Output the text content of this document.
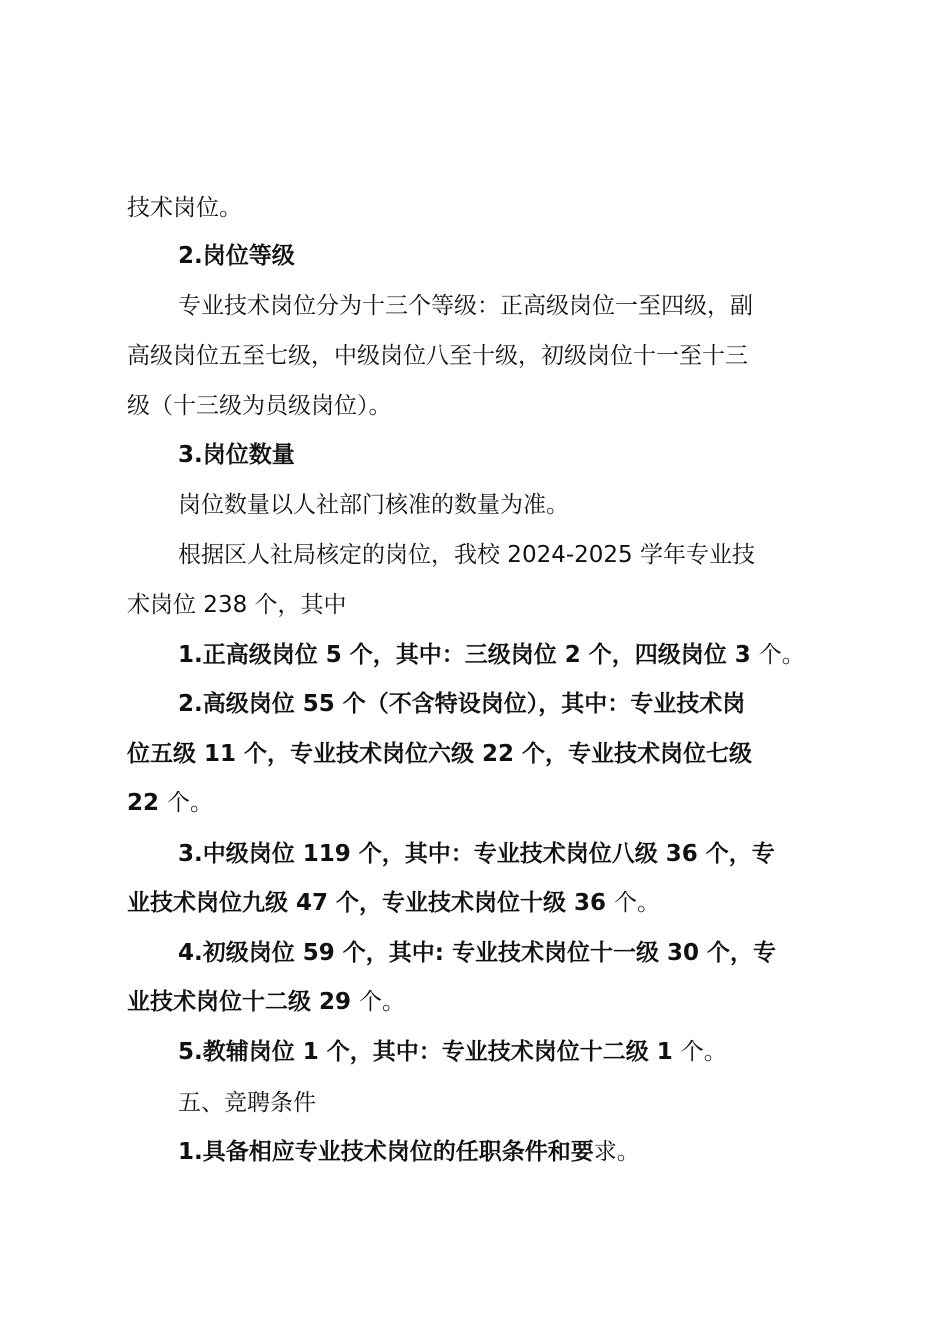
技术岗位。
2.岗位等级
专业技术岗位分为十三个等级：正高级岗位一至四级，副
高级岗位五至七级，中级岗位八至十级，初级岗位十一至十三
级（十三级为员级岗位）。
3.岗位数量
岗位数量以人社部门核准的数量为准。
根据区人社局核定的岗位，我校 2024-2025 学年专业技
术岗位 238 个，其中
1.正高级岗位 5 个，其中：三级岗位 2 个，四级岗位 3 个。
2.高级岗位 55 个（不含特设岗位），其中：专业技术岗
位五级 11 个，专业技术岗位六级 22 个，专业技术岗位七级
22 个。
3.中级岗位 119 个，其中：专业技术岗位八级 36 个，专
业技术岗位九级 47 个，专业技术岗位十级 36 个。
4.初级岗位 59 个，其中: 专业技术岗位十一级 30 个，专
业技术岗位十二级 29 个。
5.教辅岗位 1 个，其中：专业技术岗位十二级 1 个。
五、竞聘条件
1.具备相应专业技术岗位的任职条件和要求。
